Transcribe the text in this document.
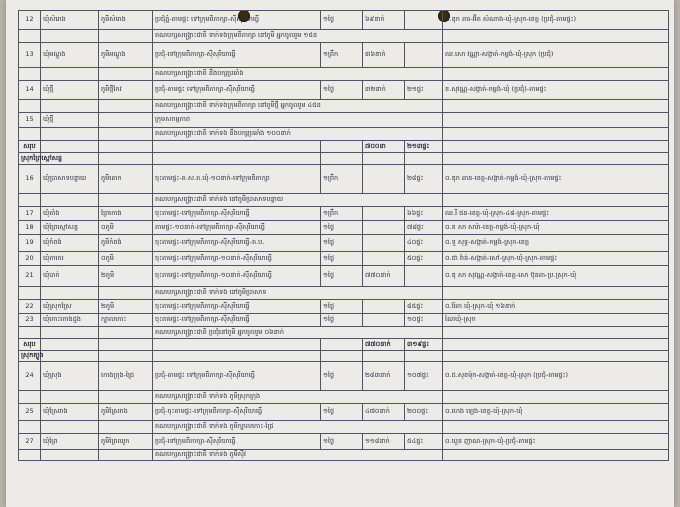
12	ឃុំសំរោង	ភូមិសំរោង	ប្រជុំភ្នំ-តាមផ្ទះ ទៅក្រុមពិភាក្សា-ស៊ីសុរិយាធ្វើ	១ថ្ងៃ	៦៩នាក់		០.ឌុក គារ-អ៊ីត សំណាង-ឃុំ-ស្រុក-ខេត្ត (ប្រជុំ-តាមផ្ទះ)
			គណបក្សសង្គ្រោះជាតិ ទាក់ទងក្រុមពិភាក្សា នៅភូមិ អ្នកចូលរួម ១៥ន				
13	ឃុំអណ្តូង	ភូមិអណ្តូង	ប្រជុំ-ទៅក្រុមពិភាក្សា-ស៊ីសុរិយាធ្វើ	១ព្រឹក	៣៦នាក់		ឈ.សោ វណ្ណា-សង្កាត់-កម្ពង់-ឃុំ-ស្រុក (ប្រជុំ)
			គណបក្សសង្គ្រោះជាតិ នឹងបក្សប្រឆាំង				
14	ឃុំថ្មី	ភូមិថ្មីកែវ	ប្រជុំ-តាមផ្ទះ ទៅក្រុមពិភាក្សា-ស៊ីសុរិយាធ្វើ	១ថ្ងៃ	៣២នាក់	២១ផ្ទះ	ខ.សុវណ្ណ-សង្កាត់-កម្ពង់-ឃុំ (ប្រជុំ)-តាមផ្ទះ
			គណបក្សសង្គ្រោះជាតិ ទាក់ទងក្រុមពិភាក្សា នៅភូមិថ្មី អ្នកចូលរួម ៤៥ន				
15	ឃុំថ្មី		ក្រុមសកម្មភាព				
			គណបក្សសង្គ្រោះជាតិ ទាក់ទង នឹងបក្សប្រឆាំង ១០០នាក់				
សរុប					៧០០នា	២១៣ផ្ទះ	
ស្រុកព្រៃស្តៅសន្ទ							
16	ឃុំប្រាសាទបន្ទាយ	ភូមិគោក	ចុះតាមផ្ទះ-គ.ស.ត.ឃុំ-១០នាក់-ទៅក្រុមពិភាក្សា	១ព្រឹក		២៨ផ្ទះ	០.ឌុក ឆាន-ខេត្ត-សង្កាត់-កម្ពង់-ឃុំ-ស្រុក-តាមផ្ទះ
			គណបក្សសង្គ្រោះជាតិ ទាក់ទង នៅភូមិប្រាសាទបន្ទាយ				
17	ឃុំតាំង	ព្រៃកោង	ចុះតាមផ្ទះ-ទៅក្រុមពិភាក្សា-ស៊ីសុរិយាធ្វើ	១ព្រឹក		៦៦ផ្ទះ	ឈ.រី ផន-ខេត្ត-ឃុំ-ស្រុក-៤៨-ស្រុក-តាមផ្ទះ
18	ឃុំព្រៃស្តៅសន្ទ	០ភូមិ	តាមផ្ទះ-១០នាក់-ទៅក្រុមពិភាក្សា-ស៊ីសុរិយាធ្វើ	១ថ្ងៃ		៧៨ផ្ទះ	០.ខ សា សារ៉ា-ខេត្ត-កម្ពង់-ឃុំ-ស្រុក-ឃុំ
19	ឃុំកំពង់	ភូមិកំពង់	ចុះតាមផ្ទះ-ទៅក្រុមពិភាក្សា-ស៊ីសុរិយាធ្វើ-គ.ប.	១ថ្ងៃ		៤០ផ្ទះ	០.ទូ សុទ្ធ-សង្កាត់-កម្ពង់-ស្រុក-ខេត្ត
20	ឃុំតាកេរ	០ភូមិ	ចុះតាមផ្ទះ-ទៅក្រុមពិភាក្សា-១០នាក់-ស៊ីសុរិយាធ្វើ	១ថ្ងៃ		៥០ផ្ទះ	០.ជា វ៉ាន់-សង្កាត់-សៅ-ស្រុក-ឃុំ-ស្រុក-តាមផ្ទះ
21	ឃុំបាក់	២ភូមិ	ចុះតាមផ្ទះ-ទៅក្រុមពិភាក្សា-១០នាក់-ស៊ីសុរិយាធ្វើ	១ថ្ងៃ	៧៧០នាក់		០.ឌុ សា សុវណ្ណ-សង្កាត់-ខេត្ត-សោ ប៊ុនគា-ប្រ.ស្រុក-ឃុំ
			គណបក្សសង្គ្រោះជាតិ ទាក់ទង នៅភូមិប្រាសាទ				
22	ឃុំស្រុកស្រែ	២ភូមិ	ចុះតាមផ្ទះ-ទៅក្រុមពិភាក្សា-ស៊ីសុរិយាធ្វើ	១ថ្ងៃ		៨៥ផ្ទះ	០.រ៉ែគា ឃុំ-ស្រុក-ឃុំ ១៦នាក់
23	ឃុំកោះកោងដូង	ក្បាលកោះ	ចុះតាមផ្ទះ-ទៅក្រុមពិភាក្សា-ស៊ីសុរិយាធ្វើ	១ថ្ងៃ		១០ផ្ទះ	ណៃឃុំ-ស្រុក
			គណបក្សសង្គ្រោះជាតិ ប្រជុំនៅភូមិ អ្នកចូលរួម ០៦នាក់				
សរុប					៧៧០នាក់	៣១៩ផ្ទះ	
ស្រុកត្បូង							
24	ឃុំស្រុង	កោងក្រុង-ជ្រៃ	ប្រជុំ-តាមផ្ទះ ទៅក្រុមពិភាក្សា-ស៊ីសុរិយាធ្វើ	១ថ្ងៃ	២៨៣នាក់	១០៧ផ្ទះ	០.ជ.សុខម៉ុក-សង្កាត់-ខេត្ត-ឃុំ-ស្រុក (ប្រជុំ-តាមផ្ទះ)
			គណបក្សសង្គ្រោះជាតិ ទាក់ទង ភូមិស្រុកក្រុង				
25	ឃុំស្រែរាង	ភូមិស្រែរាង	ប្រជុំ-ចុះតាមផ្ទះ-ទៅក្រុមពិភាក្សា-ស៊ីសុរិយាធ្វើ	១ថ្ងៃ	៤៧០នាក់	២០០ផ្ទះ	០.ហេង ឡេង-ខេត្ត-ឃុំ-ស្រុក-ឃុំ
			គណបក្សសង្គ្រោះជាតិ ទាក់ទង ភូមិក្បាលកោះ-ជ្រៃ				
27	ឃុំព្រៃ	ភូមិព្រៃឈូក	ប្រជុំ-ទៅក្រុមពិភាក្សា-ស៊ីសុរិយាធ្វើ	១ថ្ងៃ	១១៨នាក់	៥៤ផ្ទះ	០.ឃួន ញាណ-ស្រុក-ឃុំ-ប្រជុំ-តាមផ្ទះ
			គណបក្សសង្គ្រោះជាតិ ទាក់ទង ភូមិស៊ីវ				
